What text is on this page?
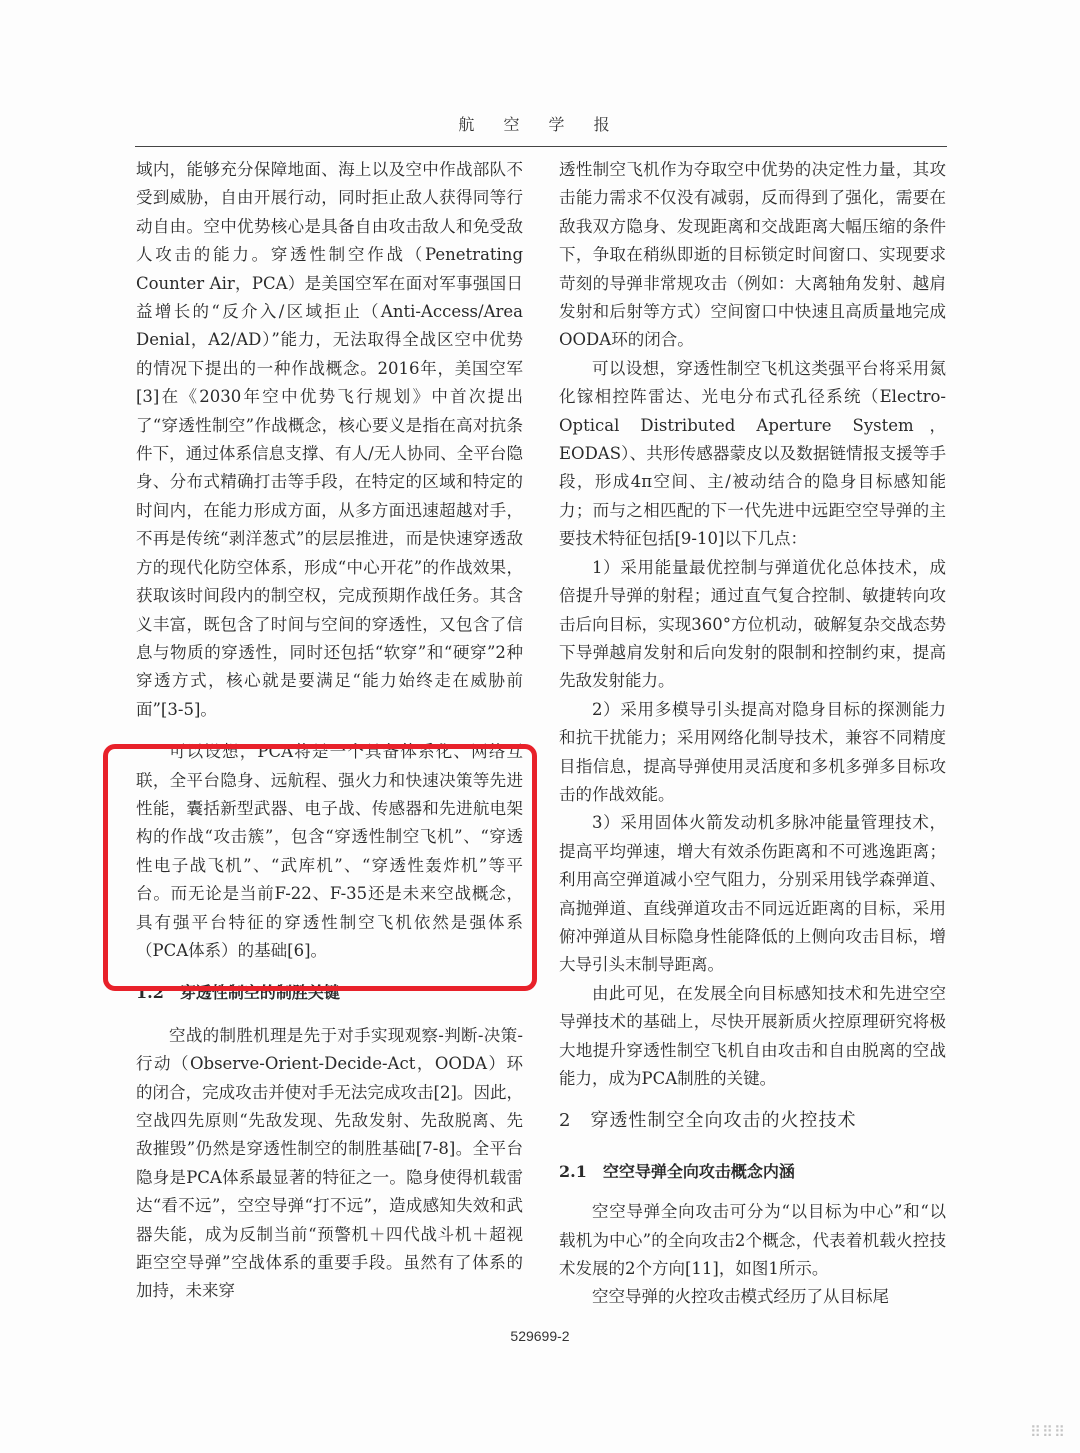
航 空 学 报

域内，能够充分保障地面、海上以及空中作战部队不受到威胁，自由开展行动，同时拒止敌人获得同等行动自由。空中优势核心是具备自由攻击敌人和免受敌人攻击的能力。穿透性制空作战（Penetrating Counter Air，PCA）是美国空军在面对军事强国日益增长的“反介入/区域拒止（Anti-Access/Area Denial，A2/AD）”能力，无法取得全战区空中优势的情况下提出的一种作战概念。2016年，美国空军[3]在《2030年空中优势飞行规划》中首次提出了“穿透性制空”作战概念，核心要义是指在高对抗条件下，通过体系信息支撑、有人/无人协同、全平台隐身、分布式精确打击等手段，在特定的区域和特定的时间内，在能力形成方面，从多方面迅速超越对手，不再是传统“剥洋葱式”的层层推进，而是快速穿透敌方的现代化防空体系，形成“中心开花”的作战效果，获取该时间段内的制空权，完成预期作战任务。其含义丰富，既包含了时间与空间的穿透性，又包含了信息与物质的穿透性，同时还包括“软穿”和“硬穿”2种穿透方式，核心就是要满足“能力始终走在威胁前面”[3-5]。

可以设想，PCA将是一个具备体系化、网络互联，全平台隐身、远航程、强火力和快速决策等先进性能，囊括新型武器、电子战、传感器和先进航电架构的作战“攻击簇”，包含“穿透性制空飞机”、“穿透性电子战飞机”、“武库机”、“穿透性轰炸机”等平台。而无论是当前F-22、F-35还是未来空战概念，具有强平台特征的穿透性制空飞机依然是强体系（PCA体系）的基础[6]。

1.2　穿透性制空的制胜关键

空战的制胜机理是先于对手实现观察-判断-决策-行动（Observe-Orient-Decide-Act，OODA）环的闭合，完成攻击并使对手无法完成攻击[2]。因此，空战四先原则“先敌发现、先敌发射、先敌脱离、先敌摧毁”仍然是穿透性制空的制胜基础[7-8]。全平台隐身是PCA体系最显著的特征之一。隐身使得机载雷达“看不远”，空空导弹“打不远”，造成感知失效和武器失能，成为反制当前“预警机＋四代战斗机＋超视距空空导弹”空战体系的重要手段。虽然有了体系的加持，未来穿

透性制空飞机作为夺取空中优势的决定性力量，其攻击能力需求不仅没有减弱，反而得到了强化，需要在敌我双方隐身、发现距离和交战距离大幅压缩的条件下，争取在稍纵即逝的目标锁定时间窗口、实现要求苛刻的导弹非常规攻击（例如：大离轴角发射、越肩发射和后射等方式）空间窗口中快速且高质量地完成OODA环的闭合。

可以设想，穿透性制空飞机这类强平台将采用氮化镓相控阵雷达、光电分布式孔径系统（Electro-Optical Distributed Aperture System，EODAS）、共形传感器蒙皮以及数据链情报支援等手段，形成4π空间、主/被动结合的隐身目标感知能力；而与之相匹配的下一代先进中远距空空导弹的主要技术特征包括[9-10]以下几点：

1）采用能量最优控制与弹道优化总体技术，成倍提升导弹的射程；通过直气复合控制、敏捷转向攻击后向目标，实现360°方位机动，破解复杂交战态势下导弹越肩发射和后向发射的限制和控制约束，提高先敌发射能力。

2）采用多模导引头提高对隐身目标的探测能力和抗干扰能力；采用网络化制导技术，兼容不同精度目指信息，提高导弹使用灵活度和多机多弹多目标攻击的作战效能。

3）采用固体火箭发动机多脉冲能量管理技术，提高平均弹速，增大有效杀伤距离和不可逃逸距离；利用高空弹道减小空气阻力，分别采用钱学森弹道、高抛弹道、直线弹道攻击不同远近距离的目标，采用俯冲弹道从目标隐身性能降低的上侧向攻击目标，增大导引头末制导距离。

由此可见，在发展全向目标感知技术和先进空空导弹技术的基础上，尽快开展新质火控原理研究将极大地提升穿透性制空飞机自由攻击和自由脱离的空战能力，成为PCA制胜的关键。

2　穿透性制空全向攻击的火控技术

2.1　空空导弹全向攻击概念内涵

空空导弹全向攻击可分为“以目标为中心”和“以载机为中心”的全向攻击2个概念，代表着机载火控技术发展的2个方向[11]，如图1所示。

空空导弹的火控攻击模式经历了从目标尾

529699-2
⠿⠿⠿
